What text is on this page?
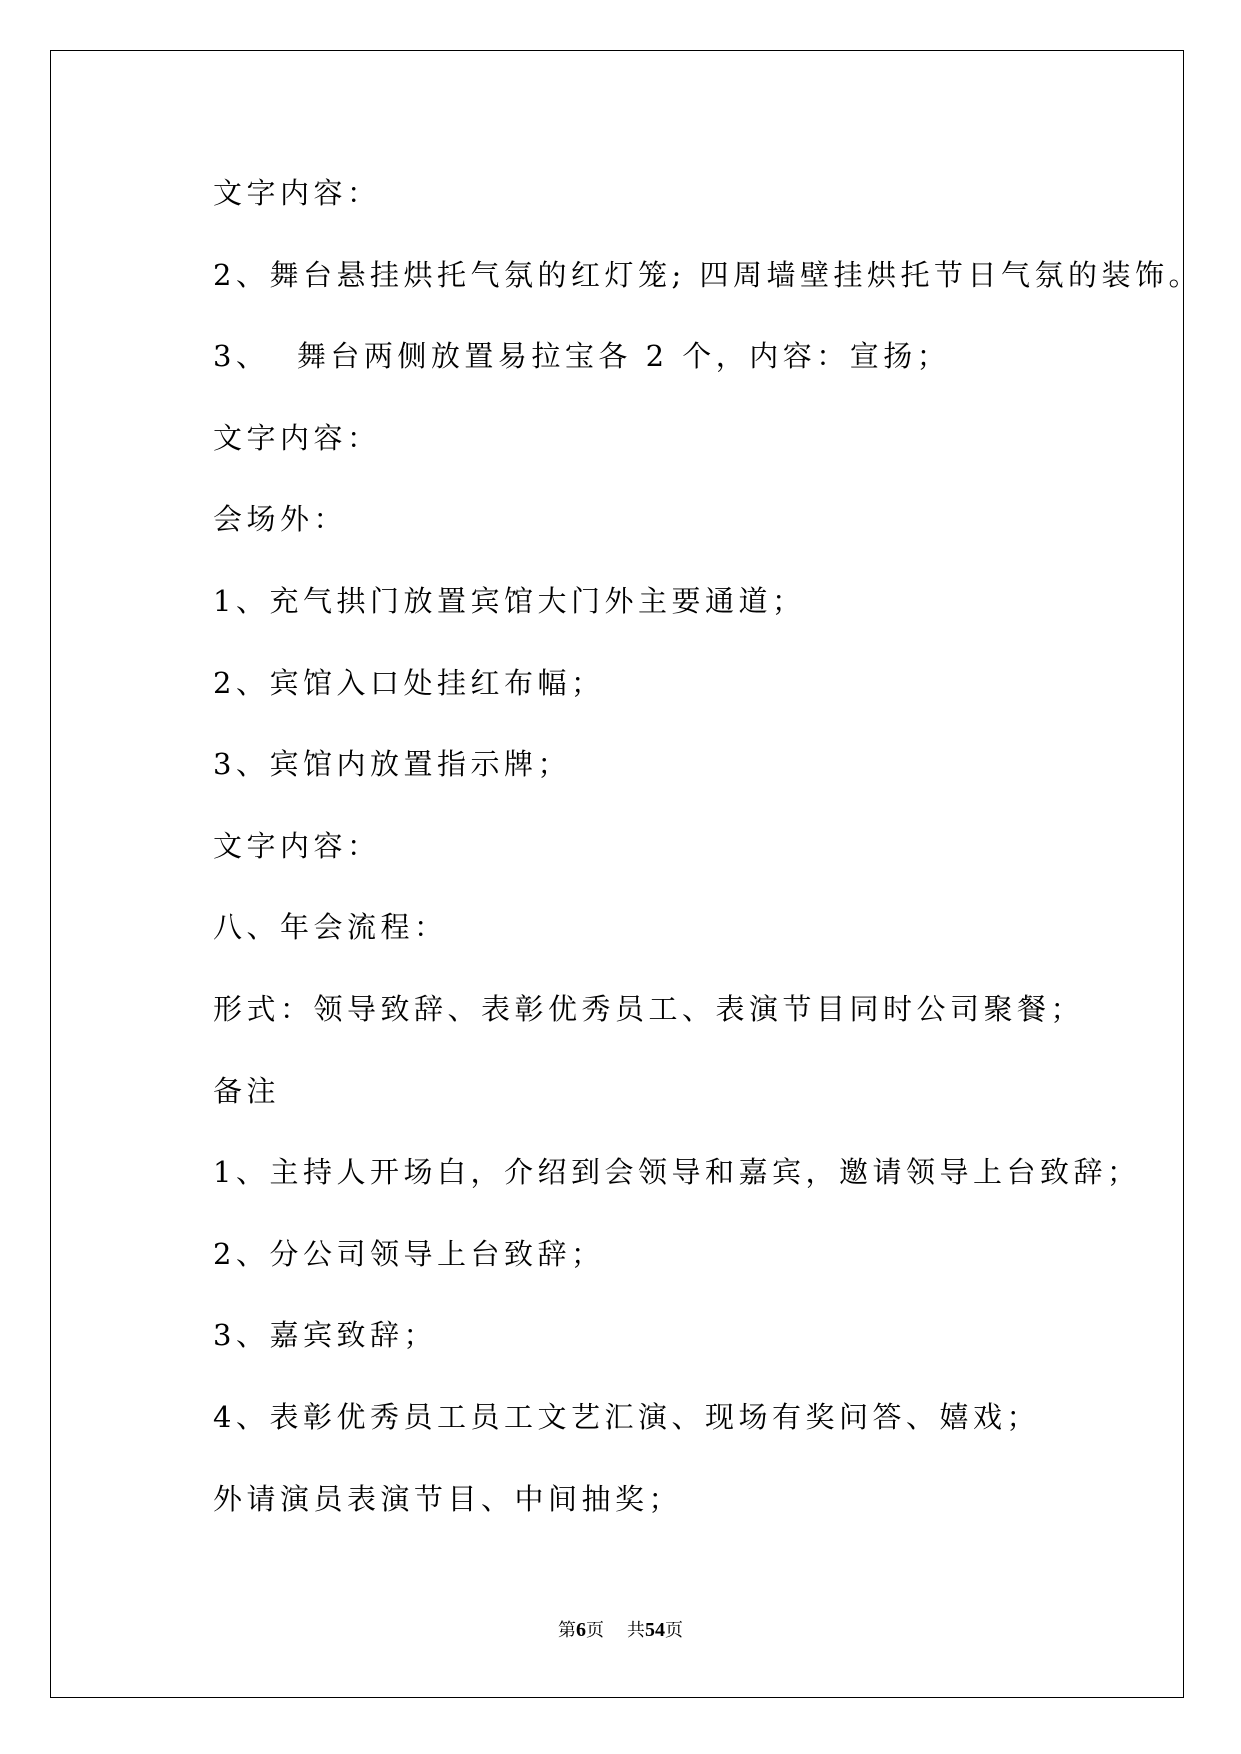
文字内容：
2、舞台悬挂烘托气氛的红灯笼; 四周墙壁挂烘托节日气氛的装饰。
3、  舞台两侧放置易拉宝各 2 个，内容：宣扬；
文字内容：
会场外：
1、充气拱门放置宾馆大门外主要通道；
2、宾馆入口处挂红布幅；
3、宾馆内放置指示牌；
文字内容：
八、年会流程：
形式：领导致辞、表彰优秀员工、表演节目同时公司聚餐；
备注
1、主持人开场白，介绍到会领导和嘉宾，邀请领导上台致辞；
2、分公司领导上台致辞；
3、嘉宾致辞；
4、表彰优秀员工员工文艺汇演、现场有奖问答、嬉戏；
外请演员表演节目、中间抽奖；
第6页    共54页
